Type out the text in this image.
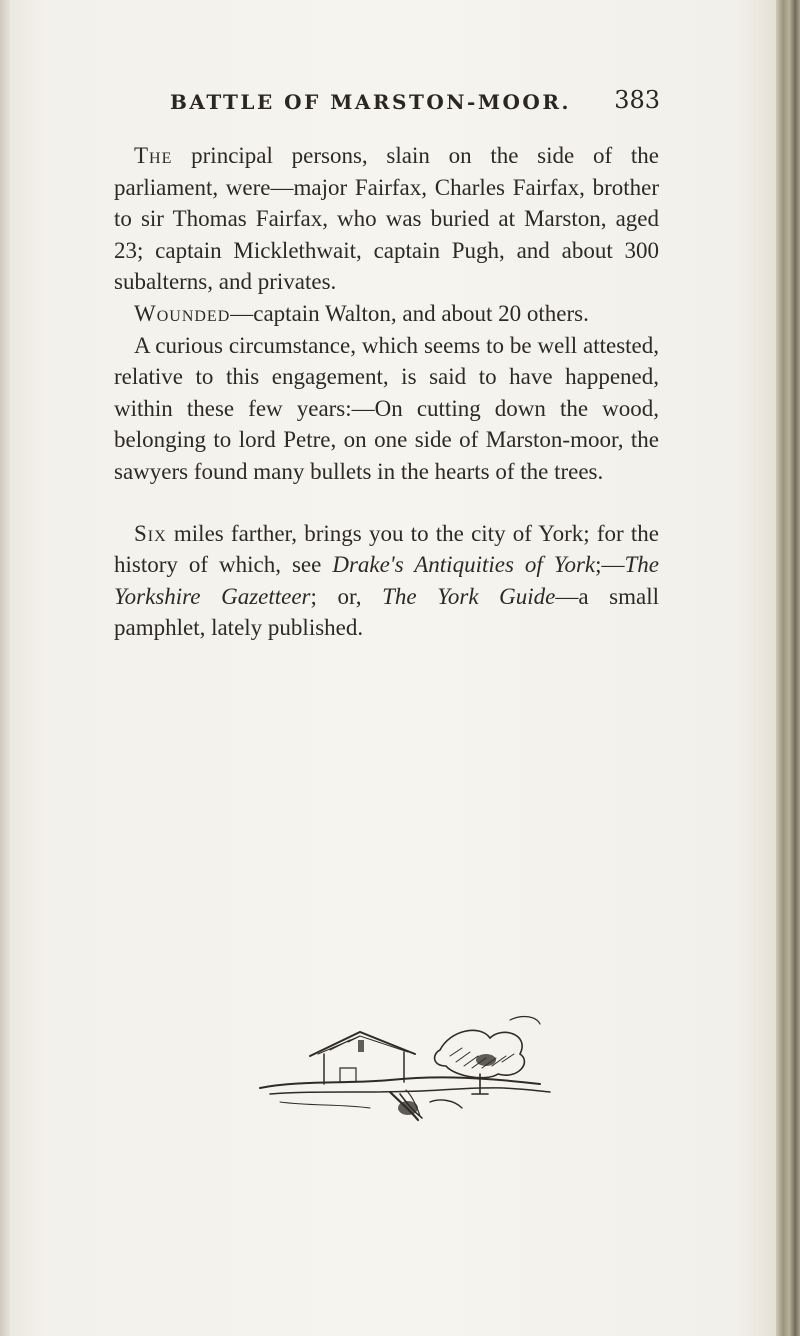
BATTLE OF MARSTON-MOOR. 383

The principal persons, slain on the side of the parliament, were—major Fairfax, Charles Fairfax, brother to sir Thomas Fairfax, who was buried at Marston, aged 23; captain Micklethwait, captain Pugh, and about 300 subalterns, and privates.

Wounded—captain Walton, and about 20 others.

A curious circumstance, which seems to be well attested, relative to this engagement, is said to have happened, within these few years:—On cutting down the wood, belonging to lord Petre, on one side of Marston-moor, the sawyers found many bullets in the hearts of the trees.

Six miles farther, brings you to the city of York; for the history of which, see Drake's Antiquities of York;—The Yorkshire Gazetteer; or, The York Guide—a small pamphlet, lately published.
